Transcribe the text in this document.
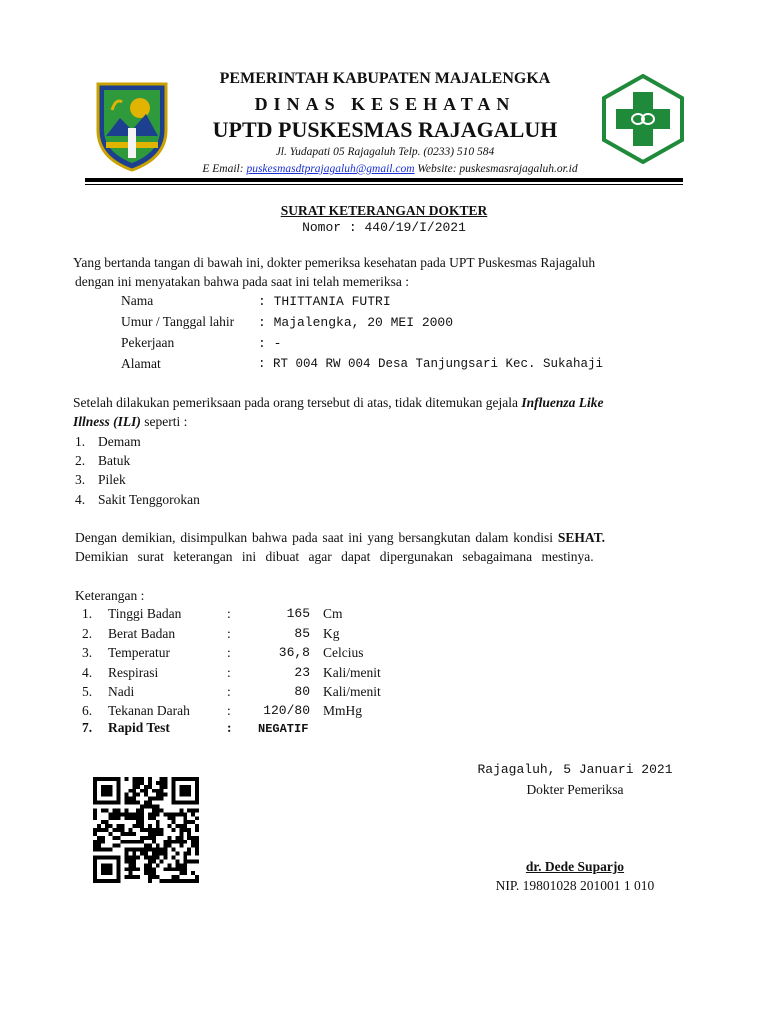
PEMERINTAH KABUPATEN MAJALENGKA
DINAS KESEHATAN
UPTD PUSKESMAS RAJAGALUH
Jl. Yudapati 05 Rajagaluh Telp. (0233) 510 584
E Email: puskesmasdtprajagaluh@gmail.com Website: puskesmasrajagaluh.or.id
SURAT KETERANGAN DOKTER
Nomor : 440/19/I/2021
Yang bertanda tangan di bawah ini, dokter pemeriksa kesehatan pada UPT Puskesmas Rajagaluh
dengan ini menyatakan bahwa pada saat ini telah memeriksa :
Nama	: THITTANIA FUTRI
Umur / Tanggal lahir : Majalengka, 20 MEI 2000
Pekerjaan	: -
Alamat	: RT 004 RW 004 Desa Tanjungsari Kec. Sukahaji
Setelah dilakukan pemeriksaan pada orang tersebut di atas, tidak ditemukan gejala Influenza Like
Illness (ILI) seperti :
1. Demam
2. Batuk
3. Pilek
4. Sakit Tenggorokan
Dengan demikian, disimpulkan bahwa pada saat ini yang bersangkutan dalam kondisi SEHAT.
Demikian surat keterangan ini dibuat agar dapat dipergunakan sebagaimana mestinya.
Keterangan :
1. Tinggi Badan	:	165 Cm
2. Berat Badan	:	85 Kg
3. Temperatur	:	36,8 Celcius
4. Respirasi	:	23 Kali/menit
5. Nadi	:	80 Kali/menit
6. Tekanan Darah	:	120/80 MmHg
7. Rapid Test	: NEGATIF
Rajagaluh, 5 Januari 2021
Dokter Pemeriksa
dr. Dede Suparjo
NIP. 19801028 201001 1 010
